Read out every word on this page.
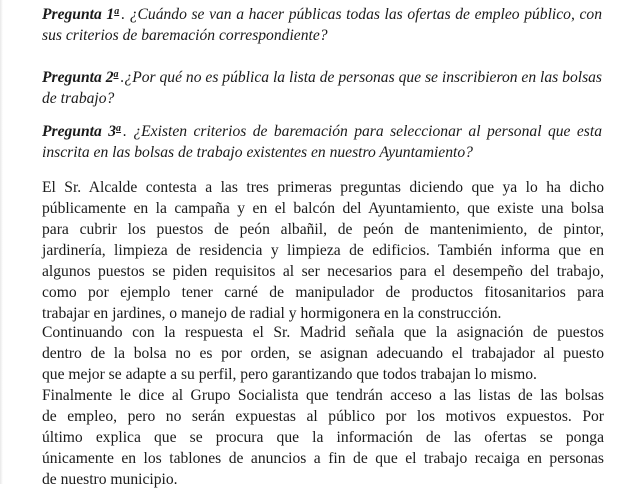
Pregunta 1$^a$ . ¿Cuándo se van a hacer públicas todas las ofertas de empleo público, con sus criterios de baremación correspondiente?

Pregunta 2$^a$ .¿Por qué no es pública la lista de personas que se inscribieron en las bolsas de trabajo?

Pregunta 3$^a$ . ¿Existen criterios de baremación para seleccionar al personal que esta inscrita en las bolsas de trabajo existentes en nuestro Ayuntamiento?

El Sr. Alcalde contesta a las tres primeras preguntas diciendo que ya lo ha dicho
públicamente en la campaña y en el balcón del Ayuntamiento, que existe una bolsa
para cubrir los puestos de peón albañil, de peón de mantenimiento, de pintor,
jardinería, limpieza de residencia y limpieza de edificios. También informa que en
algunos puestos se piden requisitos al ser necesarios para el desempeño del trabajo,
como por ejemplo tener carné de manipulador de productos fitosanitarios para
trabajar en jardines, o manejo de radial y hormigonera en la construcción.
Continuando con la respuesta el Sr. Madrid señala que la asignación de puestos
dentro de la bolsa no es por orden, se asignan adecuando el trabajador al puesto
que mejor se adapte a su perfil, pero garantizando que todos trabajan lo mismo.
Finalmente le dice al Grupo Socialista que tendrán acceso a las listas de las bolsas
de empleo, pero no serán expuestas al público por los motivos expuestos. Por
último explica que se procura que la información de las ofertas se ponga
únicamente en los tablones de anuncios a fin de que el trabajo recaiga en personas
de nuestro municipio.
